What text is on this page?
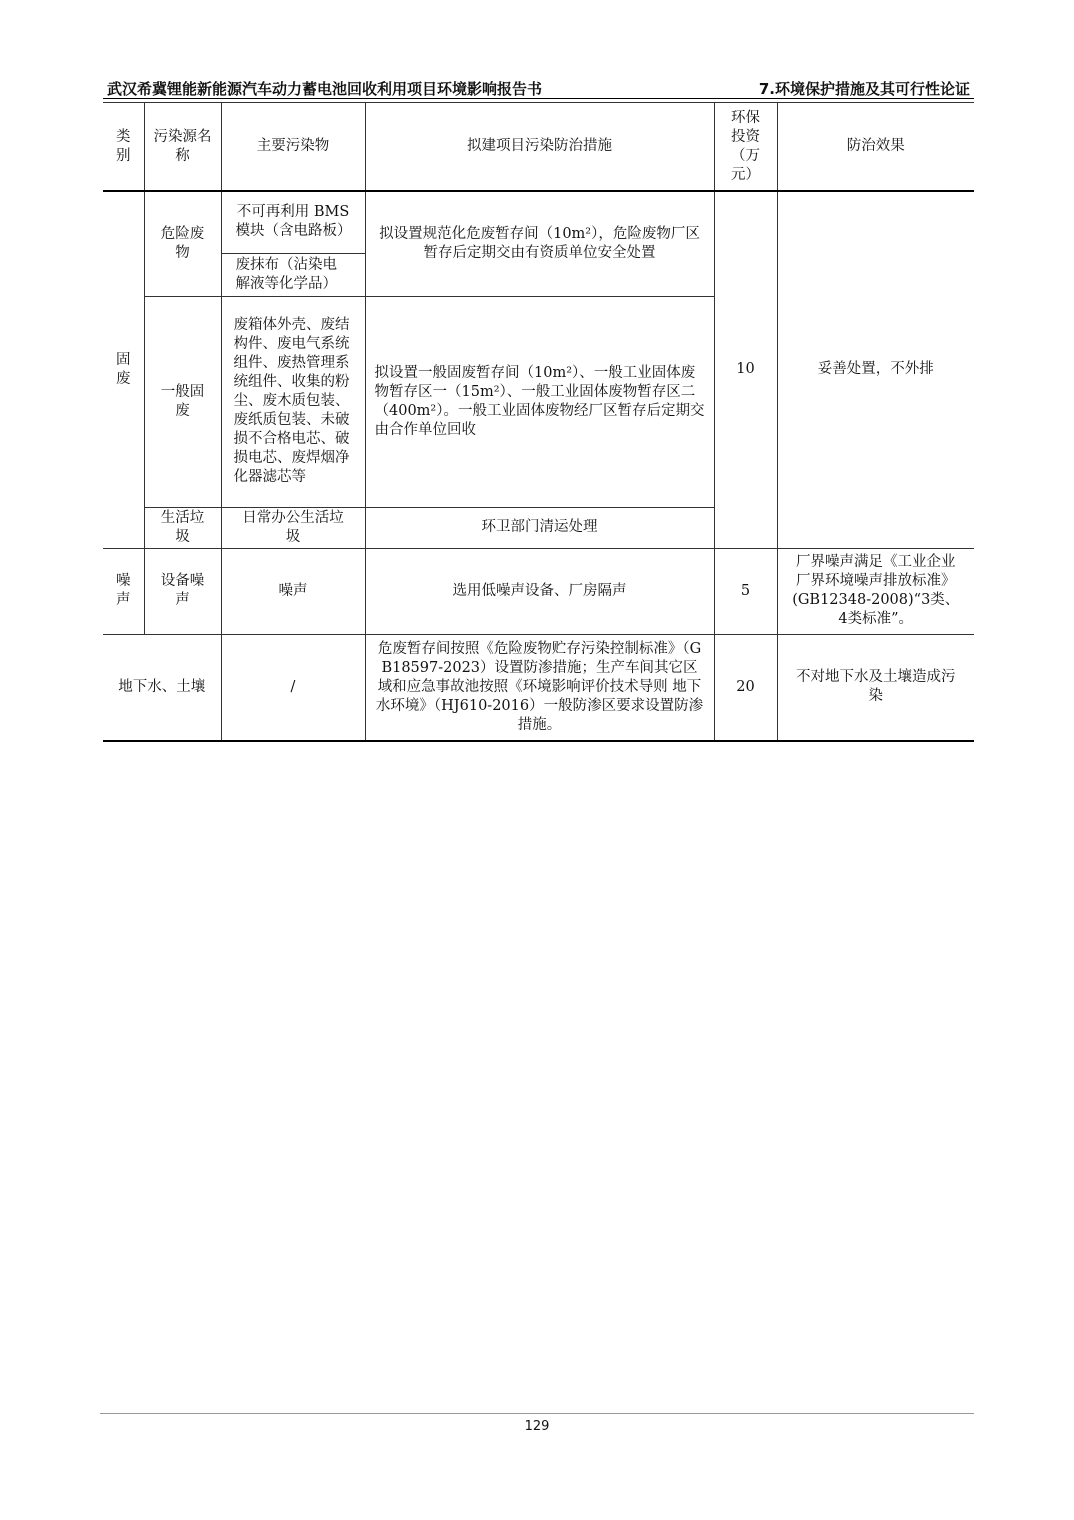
武汉希冀锂能新能源汽车动力蓄电池回收利用项目环境影响报告书	7.环境保护措施及其可行性论证
类别	污染源名称	主要污染物	拟建项目污染防治措施	环保投资（万元）	防治效果
固废	危险废物	不可再利用 BMS 模块（含电路板）	拟设置规范化危废暂存间（10m²），危险废物厂区暂存后定期交由有资质单位安全处置	10	妥善处置，不外排
		废抹布（沾染电解液等化学品）			
	一般固废	废箱体外壳、废结构件、废电气系统组件、废热管理系统组件、收集的粉尘、废木质包装、废纸质包装、未破损不合格电芯、破损电芯、废焊烟净化器滤芯等	拟设置一般固废暂存间（10m²）、一般工业固体废物暂存区一（15m²）、一般工业固体废物暂存区二（400m²）。一般工业固体废物经厂区暂存后定期交由合作单位回收		
	生活垃圾	日常办公生活垃圾	环卫部门清运处理		

噪声	设备噪声	噪声	选用低噪声设备、厂房隔声	5	厂界噪声满足《工业企业厂界环境噪声排放标准》(GB12348-2008)“3类、4类标准”。
地下水、土壤		/	危废暂存间按照《危险废物贮存污染控制标准》（GB18597-2023）设置防渗措施；生产车间其它区域和应急事故池按照《环境影响评价技术导则 地下水环境》（HJ610-2016）一般防渗区要求设置防渗措施。	20	不对地下水及土壤造成污染
129
